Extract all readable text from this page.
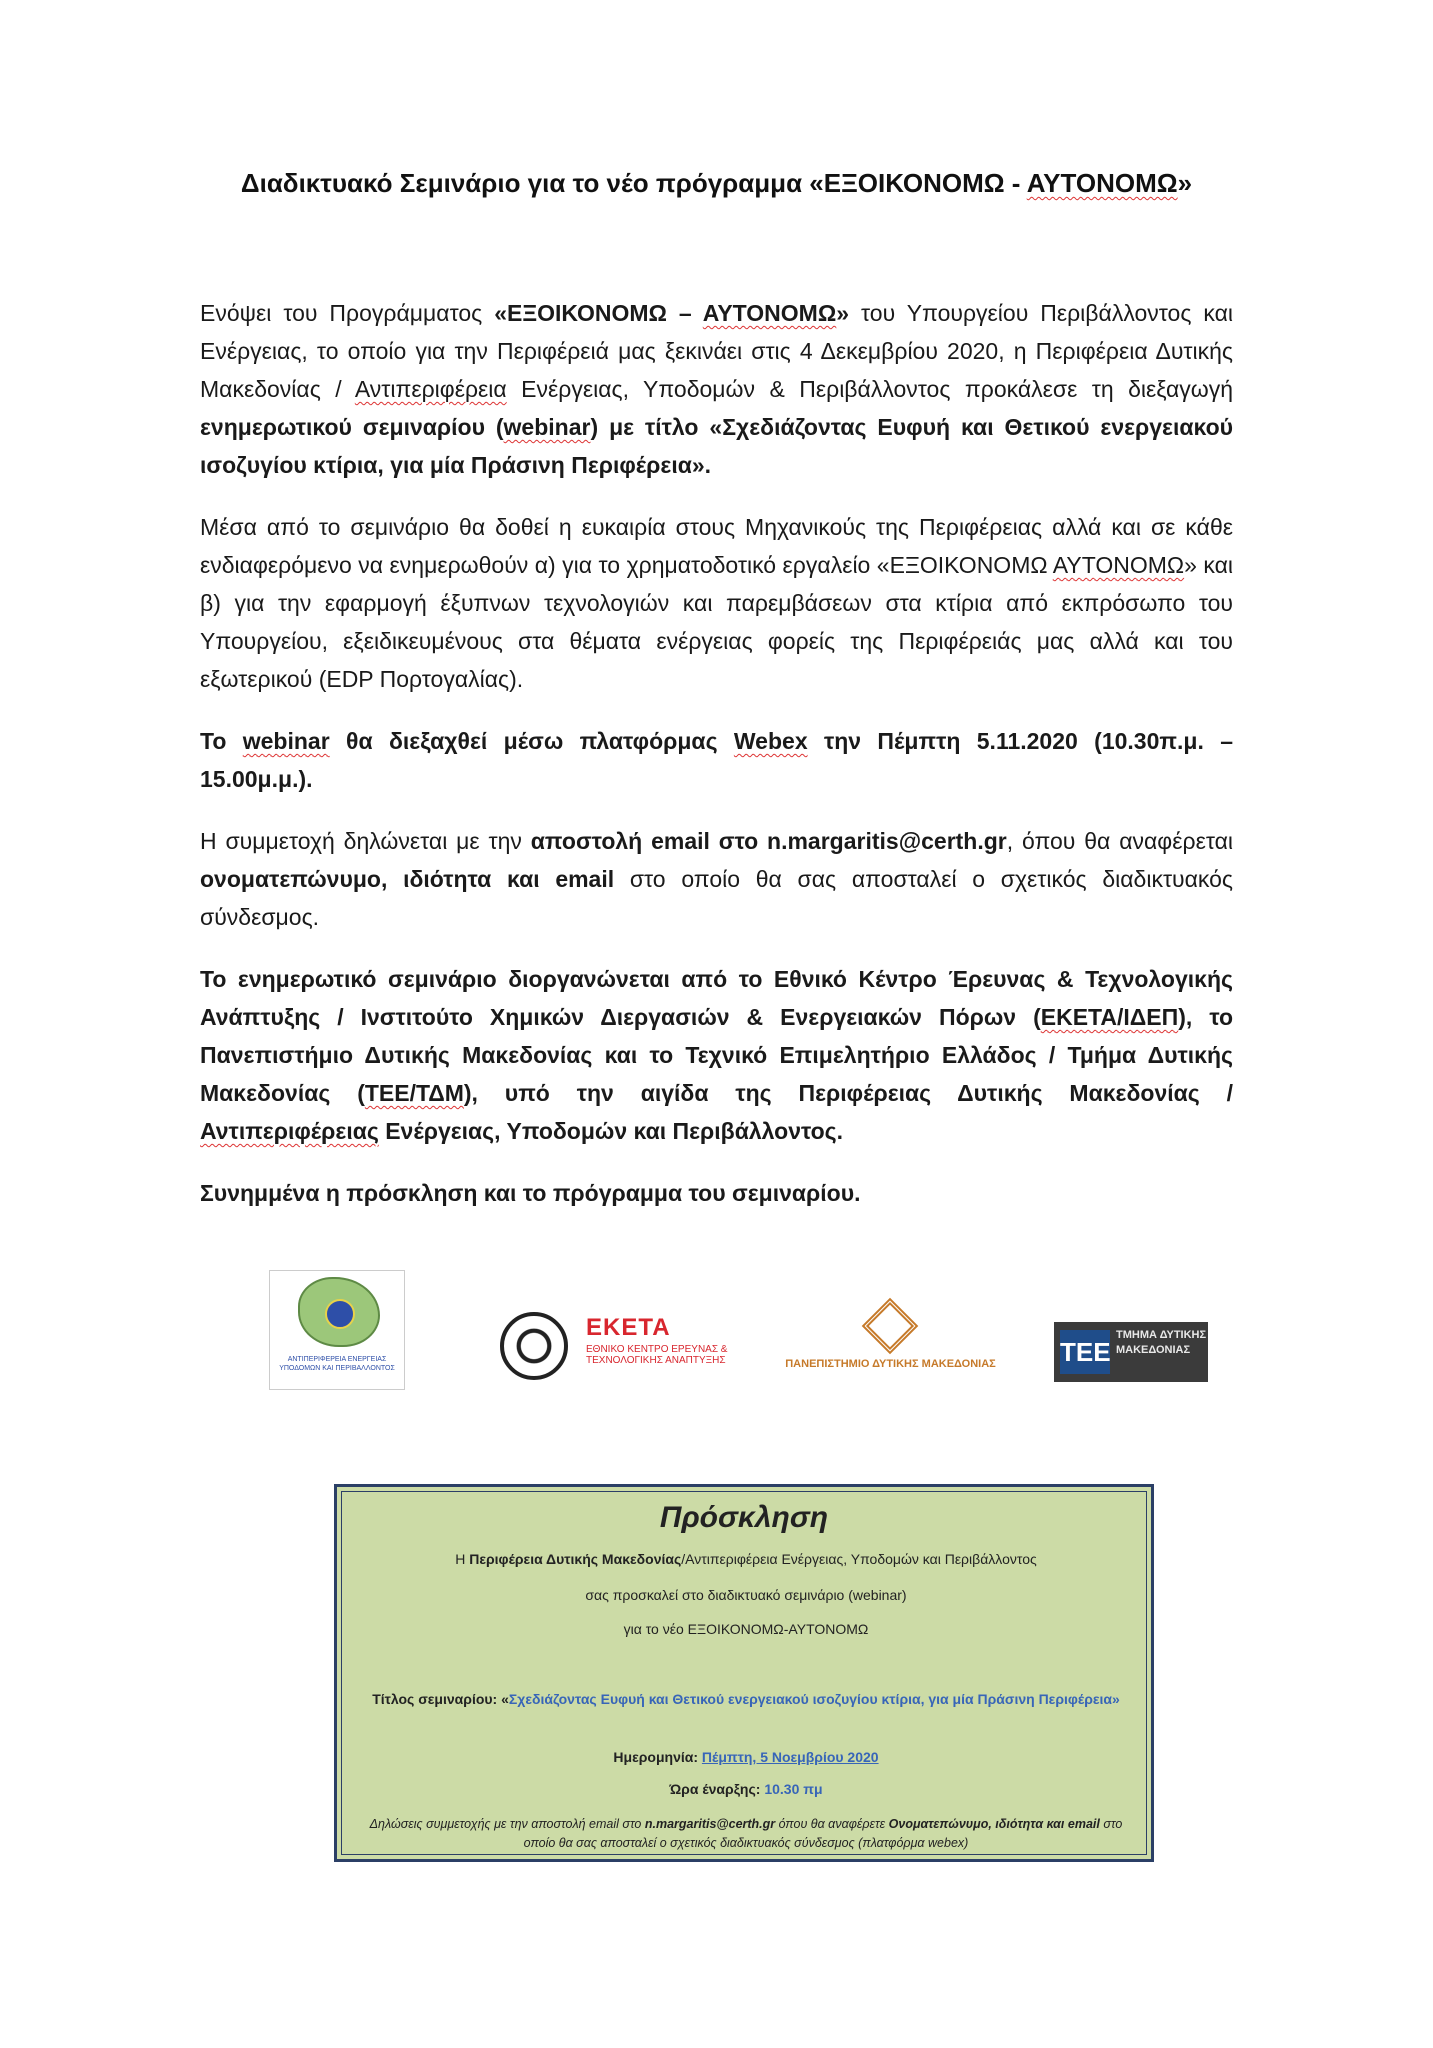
Διαδικτυακό Σεμινάριο για το νέο πρόγραμμα «ΕΞΟΙΚΟΝΟΜΩ - ΑΥΤΟΝΟΜΩ»

Ενόψει του Προγράμματος «ΕΞΟΙΚΟΝΟΜΩ – ΑΥΤΟΝΟΜΩ» του Υπουργείου Περιβάλλοντος και Ενέργειας, το οποίο για την Περιφέρειά μας ξεκινάει στις 4 Δεκεμβρίου 2020, η Περιφέρεια Δυτικής Μακεδονίας / Αντιπεριφέρεια Ενέργειας, Υποδομών & Περιβάλλοντος προκάλεσε τη διεξαγωγή ενημερωτικού σεμιναρίου (webinar) με τίτλο «Σχεδιάζοντας Ευφυή και Θετικού ενεργειακού ισοζυγίου κτίρια, για μία Πράσινη Περιφέρεια».

Μέσα από το σεμινάριο θα δοθεί η ευκαιρία στους Μηχανικούς της Περιφέρειας αλλά και σε κάθε ενδιαφερόμενο να ενημερωθούν α) για το χρηματοδοτικό εργαλείο «ΕΞΟΙΚΟΝΟΜΩ ΑΥΤΟΝΟΜΩ» και β) για την εφαρμογή έξυπνων τεχνολογιών και παρεμβάσεων στα κτίρια από εκπρόσωπο του Υπουργείου, εξειδικευμένους στα θέματα ενέργειας φορείς της Περιφέρειάς μας αλλά και του εξωτερικού (EDP Πορτογαλίας).

Το webinar θα διεξαχθεί μέσω πλατφόρμας Webex την Πέμπτη 5.11.2020 (10.30π.μ. – 15.00μ.μ.).

Η συμμετοχή δηλώνεται με την αποστολή email στο n.margaritis@certh.gr, όπου θα αναφέρεται ονοματεπώνυμο, ιδιότητα και email στο οποίο θα σας αποσταλεί ο σχετικός διαδικτυακός σύνδεσμος.

Το ενημερωτικό σεμινάριο διοργανώνεται από το Εθνικό Κέντρο Έρευνας & Τεχνολογικής Ανάπτυξης / Ινστιτούτο Χημικών Διεργασιών & Ενεργειακών Πόρων (ΕΚΕΤΑ/ΙΔΕΠ), το Πανεπιστήμιο Δυτικής Μακεδονίας και το Τεχνικό Επιμελητήριο Ελλάδος / Τμήμα Δυτικής Μακεδονίας (ΤΕΕ/ΤΔΜ), υπό την αιγίδα της Περιφέρειας Δυτικής Μακεδονίας / Αντιπεριφέρειας Ενέργειας, Υποδομών και Περιβάλλοντος.

Συνημμένα η πρόσκληση και το πρόγραμμα του σεμιναρίου.

ΑΝΤΙΠΕΡΙΦΕΡΕΙΑ ΕΝΕΡΓΕΙΑΣ ΥΠΟΔΟΜΩΝ ΚΑΙ ΠΕΡΙΒΑΛΛΟΝΤΟΣ
ΕΚΕΤΑ
ΕΘΝΙΚΟ ΚΕΝΤΡΟ ΕΡΕΥΝΑΣ & ΤΕΧΝΟΛΟΓΙΚΗΣ ΑΝΑΠΤΥΞΗΣ	ΠΑΝΕΠΙΣΤΗΜΙΟ ΔΥΤΙΚΗΣ ΜΑΚΕΔΟΝΙΑΣ ΤΕΕ
ΤΜΗΜΑ ΔΥΤΙΚΗΣ ΜΑΚΕΔΟΝΙΑΣ
Πρόσκληση
Η Περιφέρεια Δυτικής Μακεδονίας/Αντιπεριφέρεια Ενέργειας, Υποδομών και Περιβάλλοντος
σας προσκαλεί στο διαδικτυακό σεμινάριο (webinar)
για το νέο ΕΞΟΙΚΟΝΟΜΩ-ΑΥΤΟΝΟΜΩ
Τίτλος σεμιναρίου: «Σχεδιάζοντας Ευφυή και Θετικού ενεργειακού ισοζυγίου κτίρια, για μία Πράσινη Περιφέρεια»
Ημερομηνία: Πέμπτη, 5 Νοεμβρίου 2020
Ώρα έναρξης: 10.30 πμ
Δηλώσεις συμμετοχής με την αποστολή email στο n.margaritis@certh.gr όπου θα αναφέρετε Ονοματεπώνυμο, ιδιότητα και email στο οποίο θα σας αποσταλεί ο σχετικός διαδικτυακός σύνδεσμος (πλατφόρμα webex)
